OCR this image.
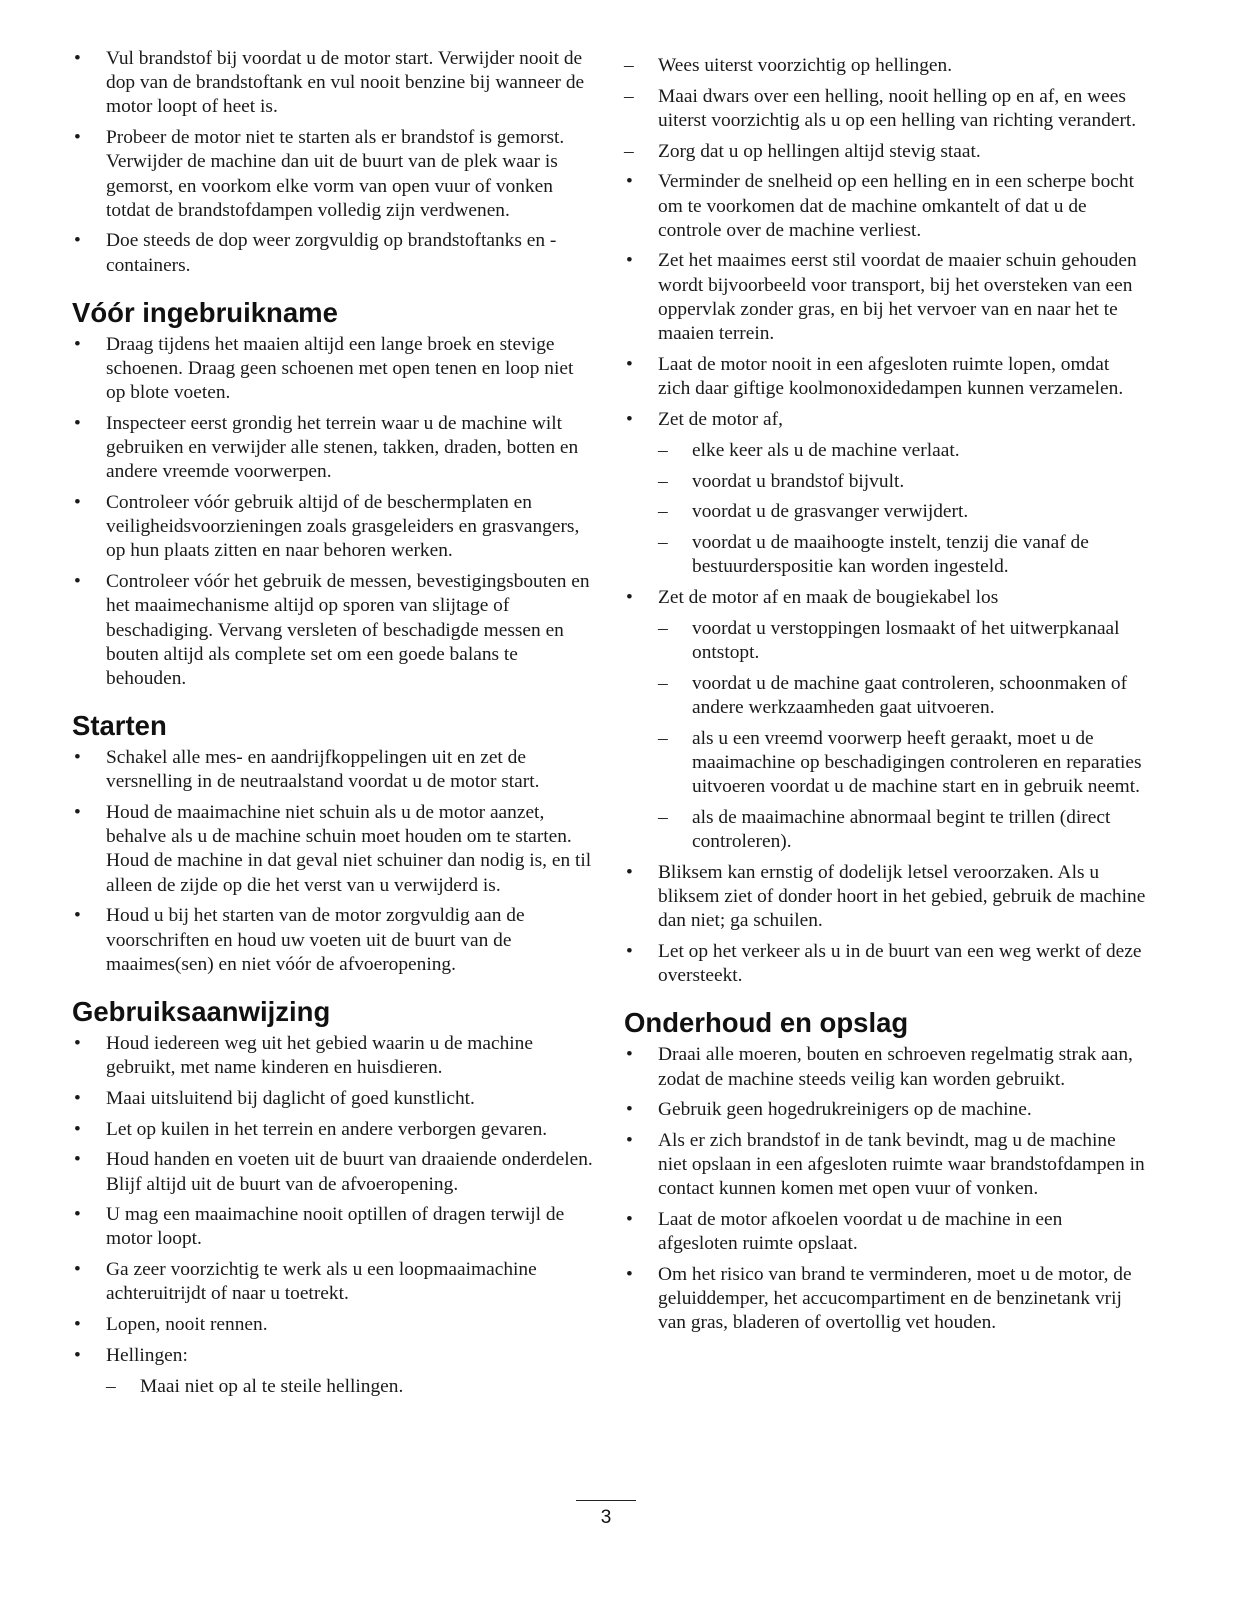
• Vul brandstof bij voordat u de motor start. Verwijder nooit de dop van de brandstoftank en vul nooit benzine bij wanneer de motor loopt of heet is.
• Probeer de motor niet te starten als er brandstof is gemorst. Verwijder de machine dan uit de buurt van de plek waar is gemorst, en voorkom elke vorm van open vuur of vonken totdat de brandstofdampen volledig zijn verdwenen.
• Doe steeds de dop weer zorgvuldig op brandstoftanks en -containers.
Vóór ingebruikname
• Draag tijdens het maaien altijd een lange broek en stevige schoenen. Draag geen schoenen met open tenen en loop niet op blote voeten.
• Inspecteer eerst grondig het terrein waar u de machine wilt gebruiken en verwijder alle stenen, takken, draden, botten en andere vreemde voorwerpen.
• Controleer vóór gebruik altijd of de beschermplaten en veiligheidsvoorzieningen zoals grasgeleiders en grasvangers, op hun plaats zitten en naar behoren werken.
• Controleer vóór het gebruik de messen, bevestigingsbouten en het maaimechanisme altijd op sporen van slijtage of beschadiging. Vervang versleten of beschadigde messen en bouten altijd als complete set om een goede balans te behouden.
Starten
• Schakel alle mes- en aandrijfkoppelingen uit en zet de versnelling in de neutraalstand voordat u de motor start.
• Houd de maaimachine niet schuin als u de motor aanzet, behalve als u de machine schuin moet houden om te starten. Houd de machine in dat geval niet schuiner dan nodig is, en til alleen de zijde op die het verst van u verwijderd is.
• Houd u bij het starten van de motor zorgvuldig aan de voorschriften en houd uw voeten uit de buurt van de maaimes(sen) en niet vóór de afvoeropening.
Gebruiksaanwijzing
• Houd iedereen weg uit het gebied waarin u de machine gebruikt, met name kinderen en huisdieren.
• Maai uitsluitend bij daglicht of goed kunstlicht.
• Let op kuilen in het terrein en andere verborgen gevaren.
• Houd handen en voeten uit de buurt van draaiende onderdelen. Blijf altijd uit de buurt van de afvoeropening.
• U mag een maaimachine nooit optillen of dragen terwijl de motor loopt.
• Ga zeer voorzichtig te werk als u een loopmaaimachine achteruitrijdt of naar u toetrekt.
• Lopen, nooit rennen.
• Hellingen:
– Maai niet op al te steile hellingen.
– Wees uiterst voorzichtig op hellingen.
– Maai dwars over een helling, nooit helling op en af, en wees uiterst voorzichtig als u op een helling van richting verandert.
– Zorg dat u op hellingen altijd stevig staat.
• Verminder de snelheid op een helling en in een scherpe bocht om te voorkomen dat de machine omkantelt of dat u de controle over de machine verliest.
• Zet het maaimes eerst stil voordat de maaier schuin gehouden wordt bijvoorbeeld voor transport, bij het oversteken van een oppervlak zonder gras, en bij het vervoer van en naar het te maaien terrein.
• Laat de motor nooit in een afgesloten ruimte lopen, omdat zich daar giftige koolmonoxidedampen kunnen verzamelen.
• Zet de motor af,
– elke keer als u de machine verlaat.
– voordat u brandstof bijvult.
– voordat u de grasvanger verwijdert.
– voordat u de maaihoogte instelt, tenzij die vanaf de bestuurderspositie kan worden ingesteld.
• Zet de motor af en maak de bougiekabel los
– voordat u verstoppingen losmaakt of het uitwerpkanaal ontstopt.
– voordat u de machine gaat controleren, schoonmaken of andere werkzaamheden gaat uitvoeren.
– als u een vreemd voorwerp heeft geraakt, moet u de maaimachine op beschadigingen controleren en reparaties uitvoeren voordat u de machine start en in gebruik neemt.
– als de maaimachine abnormaal begint te trillen (direct controleren).
• Bliksem kan ernstig of dodelijk letsel veroorzaken. Als u bliksem ziet of donder hoort in het gebied, gebruik de machine dan niet; ga schuilen.
• Let op het verkeer als u in de buurt van een weg werkt of deze oversteekt.
Onderhoud en opslag
• Draai alle moeren, bouten en schroeven regelmatig strak aan, zodat de machine steeds veilig kan worden gebruikt.
• Gebruik geen hogedrukreinigers op de machine.
• Als er zich brandstof in de tank bevindt, mag u de machine niet opslaan in een afgesloten ruimte waar brandstofdampen in contact kunnen komen met open vuur of vonken.
• Laat de motor afkoelen voordat u de machine in een afgesloten ruimte opslaat.
• Om het risico van brand te verminderen, moet u de motor, de geluiddemper, het accucompartiment en de benzinetank vrij van gras, bladeren of overtollig vet houden.
3
